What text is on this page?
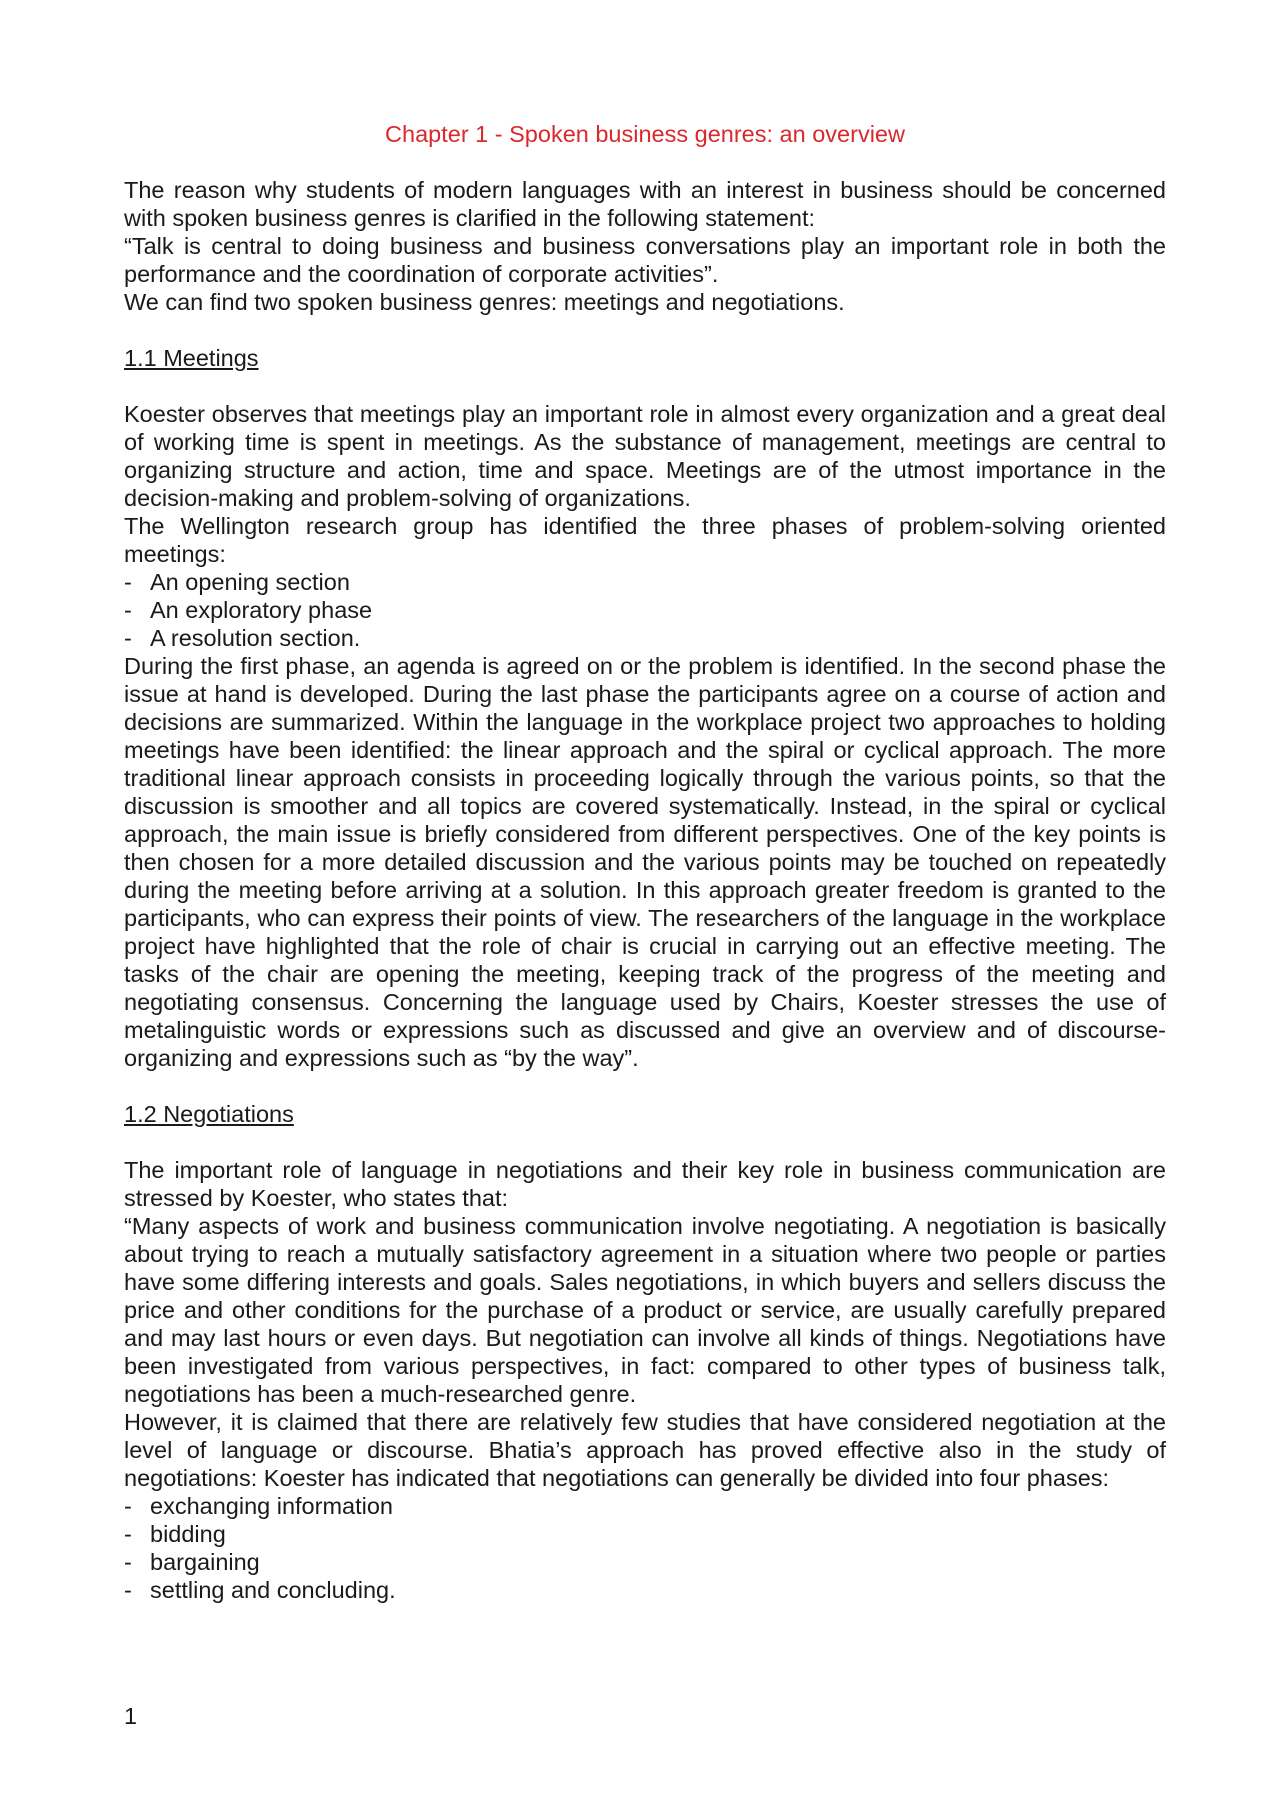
Chapter 1 - Spoken business genres: an overview

The reason why students of modern languages with an interest in business should be concerned with spoken business genres is clarified in the following statement:

“Talk is central to doing business and business conversations play an important role in both the performance and the coordination of corporate activities”.

We can find two spoken business genres: meetings and negotiations.

1.1 Meetings

Koester observes that meetings play an important role in almost every organization and a great deal of working time is spent in meetings. As the substance of management, meetings are central to organizing structure and action, time and space. Meetings are of the utmost importance in the decision-making and problem-solving of organizations.

The Wellington research group has identified the three phases of problem-solving oriented meetings:

- An opening section
- An exploratory phase
- A resolution section.

During the first phase, an agenda is agreed on or the problem is identified. In the second phase the issue at hand is developed. During the last phase the participants agree on a course of action and decisions are summarized. Within the language in the workplace project two approaches to holding meetings have been identified: the linear approach and the spiral or cyclical approach. The more traditional linear approach consists in proceeding logically through the various points, so that the discussion is smoother and all topics are covered systematically. Instead, in the spiral or cyclical approach, the main issue is briefly considered from different perspectives. One of the key points is then chosen for a more detailed discussion and the various points may be touched on repeatedly during the meeting before arriving at a solution. In this approach greater freedom is granted to the participants, who can express their points of view. The researchers of the language in the workplace project have highlighted that the role of chair is crucial in carrying out an effective meeting. The tasks of the chair are opening the meeting, keeping track of the progress of the meeting and negotiating consensus. Concerning the language used by Chairs, Koester stresses the use of metalinguistic words or expressions such as discussed and give an overview and of discourse-organizing and expressions such as “by the way”.

1.2 Negotiations

The important role of language in negotiations and their key role in business communication are stressed by Koester, who states that:

“Many aspects of work and business communication involve negotiating. A negotiation is basically about trying to reach a mutually satisfactory agreement in a situation where two people or parties have some differing interests and goals. Sales negotiations, in which buyers and sellers discuss the price and other conditions for the purchase of a product or service, are usually carefully prepared and may last hours or even days. But negotiation can involve all kinds of things. Negotiations have been investigated from various perspectives, in fact: compared to other types of business talk, negotiations has been a much-researched genre.

However, it is claimed that there are relatively few studies that have considered negotiation at the level of language or discourse. Bhatia’s approach has proved effective also in the study of negotiations: Koester has indicated that negotiations can generally be divided into four phases:

- exchanging information
- bidding
- bargaining
- settling and concluding.
1
